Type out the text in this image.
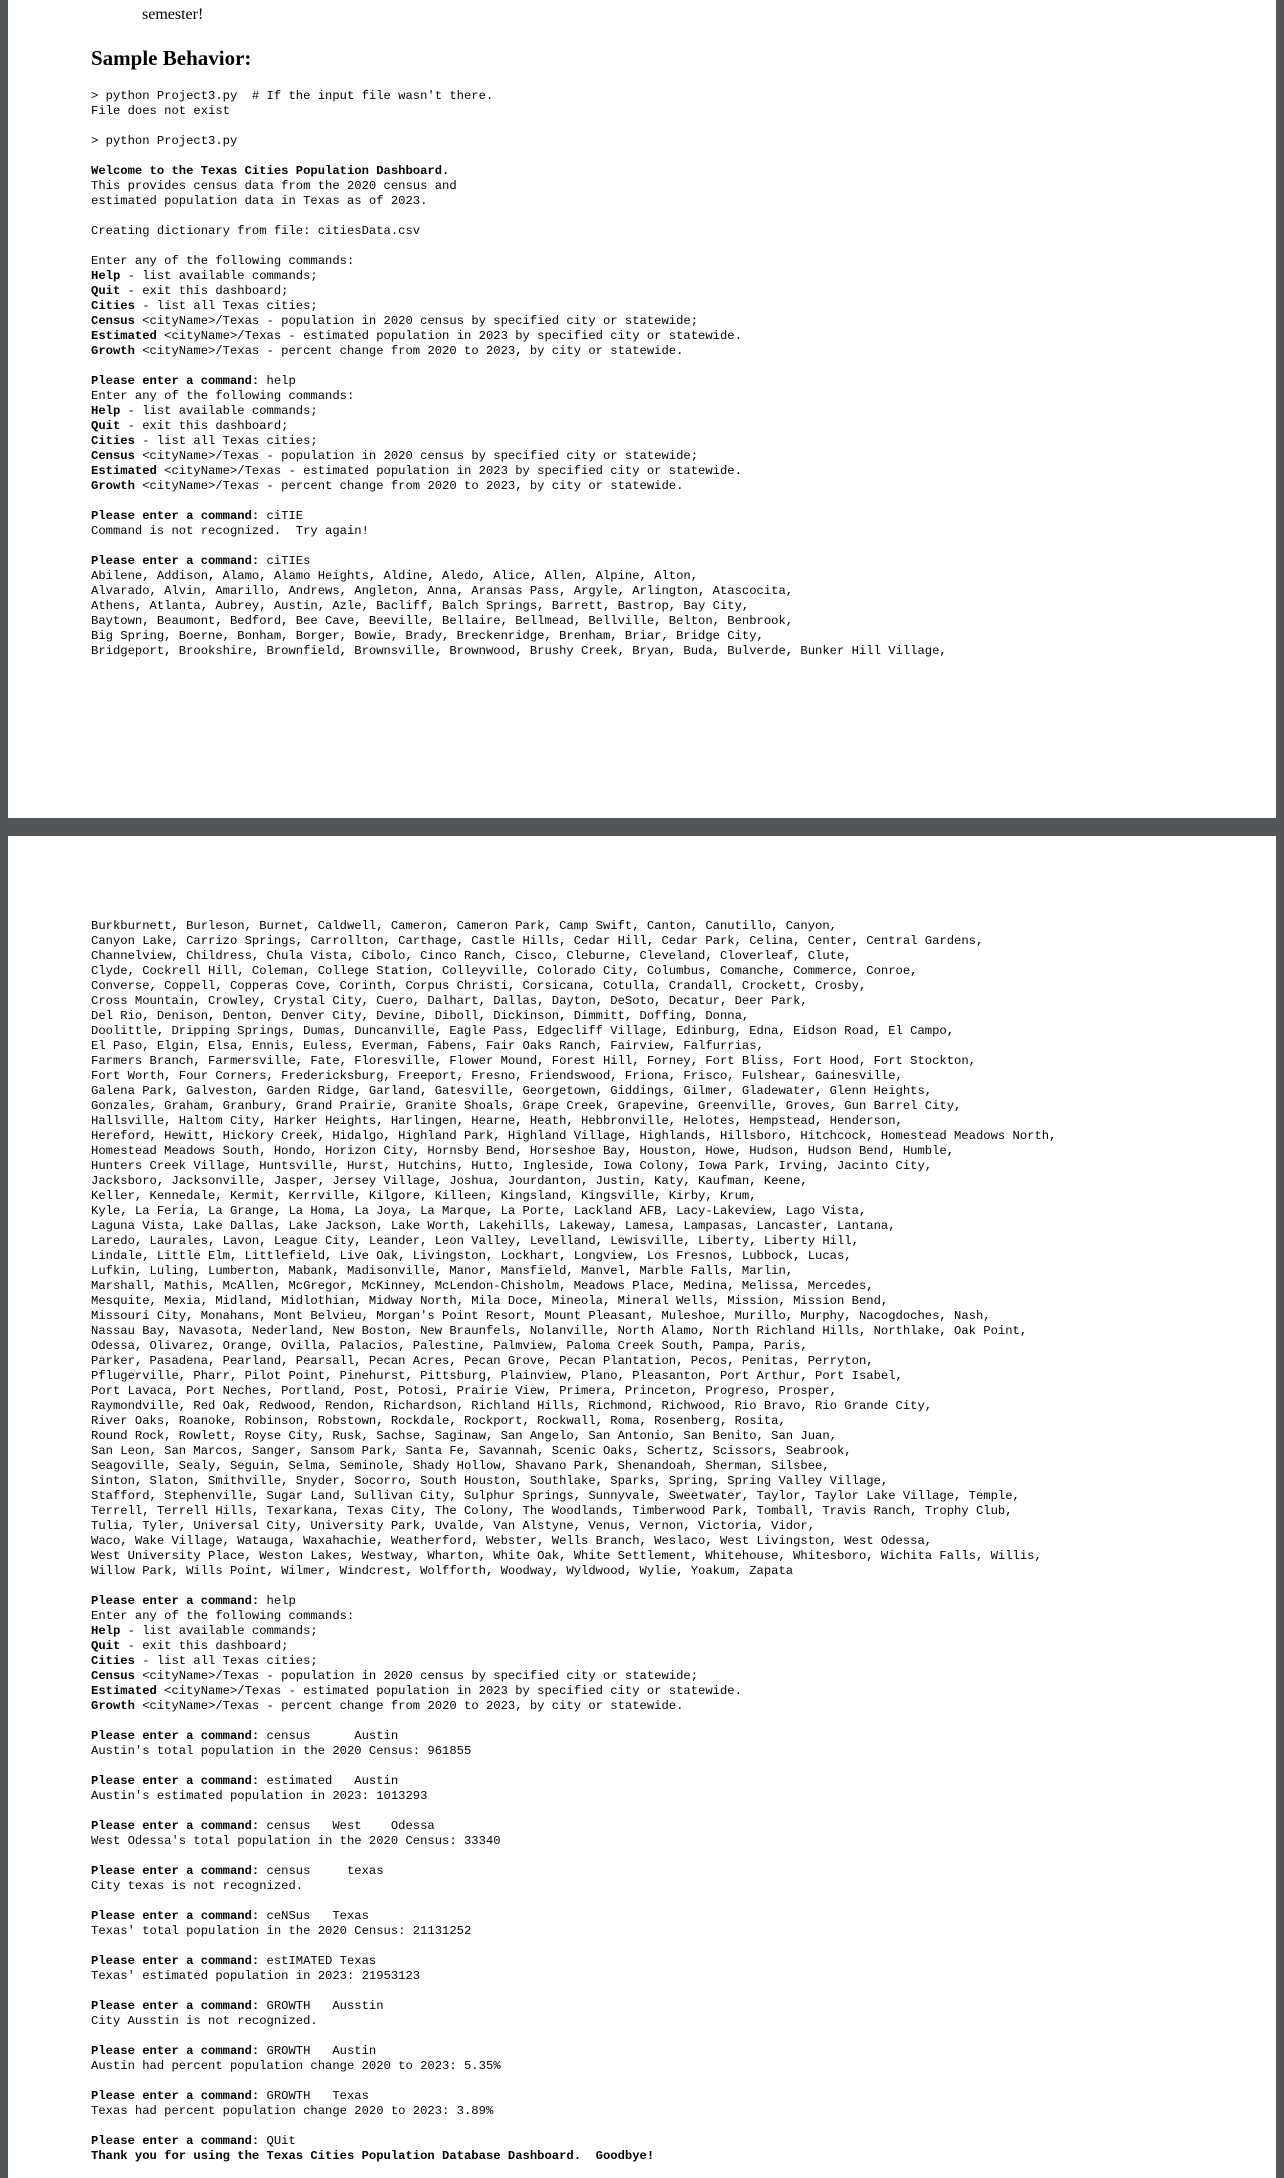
semester!

Sample Behavior:
> python Project3.py  # If the input file wasn't there.
File does not exist
> python Project3.py
Welcome to the Texas Cities Population Dashboard.
This provides census data from the 2020 census and
estimated population data in Texas as of 2023.
Creating dictionary from file: citiesData.csv
Enter any of the following commands:
Help - list available commands;
Quit - exit this dashboard;
Cities - list all Texas cities;
Census <cityName>/Texas - population in 2020 census by specified city or statewide;
Estimated <cityName>/Texas - estimated population in 2023 by specified city or statewide.
Growth <cityName>/Texas - percent change from 2020 to 2023, by city or statewide.
Please enter a command: help
Enter any of the following commands:
Help - list available commands;
Quit - exit this dashboard;
Cities - list all Texas cities;
Census <cityName>/Texas - population in 2020 census by specified city or statewide;
Estimated <cityName>/Texas - estimated population in 2023 by specified city or statewide.
Growth <cityName>/Texas - percent change from 2020 to 2023, by city or statewide.
Please enter a command: ciTIE
Command is not recognized.  Try again!
Please enter a command: ciTIEs
Abilene, Addison, Alamo, Alamo Heights, Aldine, Aledo, Alice, Allen, Alpine, Alton,
Alvarado, Alvin, Amarillo, Andrews, Angleton, Anna, Aransas Pass, Argyle, Arlington, Atascocita,
Athens, Atlanta, Aubrey, Austin, Azle, Bacliff, Balch Springs, Barrett, Bastrop, Bay City,
Baytown, Beaumont, Bedford, Bee Cave, Beeville, Bellaire, Bellmead, Bellville, Belton, Benbrook,
Big Spring, Boerne, Bonham, Borger, Bowie, Brady, Breckenridge, Brenham, Briar, Bridge City,
Bridgeport, Brookshire, Brownfield, Brownsville, Brownwood, Brushy Creek, Bryan, Buda, Bulverde, Bunker Hill Village,
Burkburnett, Burleson, Burnet, Caldwell, Cameron, Cameron Park, Camp Swift, Canton, Canutillo, Canyon,
Canyon Lake, Carrizo Springs, Carrollton, Carthage, Castle Hills, Cedar Hill, Cedar Park, Celina, Center, Central Gardens,
Channelview, Childress, Chula Vista, Cibolo, Cinco Ranch, Cisco, Cleburne, Cleveland, Cloverleaf, Clute,
Clyde, Cockrell Hill, Coleman, College Station, Colleyville, Colorado City, Columbus, Comanche, Commerce, Conroe,
Converse, Coppell, Copperas Cove, Corinth, Corpus Christi, Corsicana, Cotulla, Crandall, Crockett, Crosby,
Cross Mountain, Crowley, Crystal City, Cuero, Dalhart, Dallas, Dayton, DeSoto, Decatur, Deer Park,
Del Rio, Denison, Denton, Denver City, Devine, Diboll, Dickinson, Dimmitt, Doffing, Donna,
Doolittle, Dripping Springs, Dumas, Duncanville, Eagle Pass, Edgecliff Village, Edinburg, Edna, Eidson Road, El Campo,
El Paso, Elgin, Elsa, Ennis, Euless, Everman, Fabens, Fair Oaks Ranch, Fairview, Falfurrias,
Farmers Branch, Farmersville, Fate, Floresville, Flower Mound, Forest Hill, Forney, Fort Bliss, Fort Hood, Fort Stockton,
Fort Worth, Four Corners, Fredericksburg, Freeport, Fresno, Friendswood, Friona, Frisco, Fulshear, Gainesville,
Galena Park, Galveston, Garden Ridge, Garland, Gatesville, Georgetown, Giddings, Gilmer, Gladewater, Glenn Heights,
Gonzales, Graham, Granbury, Grand Prairie, Granite Shoals, Grape Creek, Grapevine, Greenville, Groves, Gun Barrel City,
Hallsville, Haltom City, Harker Heights, Harlingen, Hearne, Heath, Hebbronville, Helotes, Hempstead, Henderson,
Hereford, Hewitt, Hickory Creek, Hidalgo, Highland Park, Highland Village, Highlands, Hillsboro, Hitchcock, Homestead Meadows North,
Homestead Meadows South, Hondo, Horizon City, Hornsby Bend, Horseshoe Bay, Houston, Howe, Hudson, Hudson Bend, Humble,
Hunters Creek Village, Huntsville, Hurst, Hutchins, Hutto, Ingleside, Iowa Colony, Iowa Park, Irving, Jacinto City,
Jacksboro, Jacksonville, Jasper, Jersey Village, Joshua, Jourdanton, Justin, Katy, Kaufman, Keene,
Keller, Kennedale, Kermit, Kerrville, Kilgore, Killeen, Kingsland, Kingsville, Kirby, Krum,
Kyle, La Feria, La Grange, La Homa, La Joya, La Marque, La Porte, Lackland AFB, Lacy-Lakeview, Lago Vista,
Laguna Vista, Lake Dallas, Lake Jackson, Lake Worth, Lakehills, Lakeway, Lamesa, Lampasas, Lancaster, Lantana,
Laredo, Laurales, Lavon, League City, Leander, Leon Valley, Levelland, Lewisville, Liberty, Liberty Hill,
Lindale, Little Elm, Littlefield, Live Oak, Livingston, Lockhart, Longview, Los Fresnos, Lubbock, Lucas,
Lufkin, Luling, Lumberton, Mabank, Madisonville, Manor, Mansfield, Manvel, Marble Falls, Marlin,
Marshall, Mathis, McAllen, McGregor, McKinney, McLendon-Chisholm, Meadows Place, Medina, Melissa, Mercedes,
Mesquite, Mexia, Midland, Midlothian, Midway North, Mila Doce, Mineola, Mineral Wells, Mission, Mission Bend,
Missouri City, Monahans, Mont Belvieu, Morgan's Point Resort, Mount Pleasant, Muleshoe, Murillo, Murphy, Nacogdoches, Nash,
Nassau Bay, Navasota, Nederland, New Boston, New Braunfels, Nolanville, North Alamo, North Richland Hills, Northlake, Oak Point,
Odessa, Olivarez, Orange, Ovilla, Palacios, Palestine, Palmview, Paloma Creek South, Pampa, Paris,
Parker, Pasadena, Pearland, Pearsall, Pecan Acres, Pecan Grove, Pecan Plantation, Pecos, Penitas, Perryton,
Pflugerville, Pharr, Pilot Point, Pinehurst, Pittsburg, Plainview, Plano, Pleasanton, Port Arthur, Port Isabel,
Port Lavaca, Port Neches, Portland, Post, Potosi, Prairie View, Primera, Princeton, Progreso, Prosper,
Raymondville, Red Oak, Redwood, Rendon, Richardson, Richland Hills, Richmond, Richwood, Rio Bravo, Rio Grande City,
River Oaks, Roanoke, Robinson, Robstown, Rockdale, Rockport, Rockwall, Roma, Rosenberg, Rosita,
Round Rock, Rowlett, Royse City, Rusk, Sachse, Saginaw, San Angelo, San Antonio, San Benito, San Juan,
San Leon, San Marcos, Sanger, Sansom Park, Santa Fe, Savannah, Scenic Oaks, Schertz, Scissors, Seabrook,
Seagoville, Sealy, Seguin, Selma, Seminole, Shady Hollow, Shavano Park, Shenandoah, Sherman, Silsbee,
Sinton, Slaton, Smithville, Snyder, Socorro, South Houston, Southlake, Sparks, Spring, Spring Valley Village,
Stafford, Stephenville, Sugar Land, Sullivan City, Sulphur Springs, Sunnyvale, Sweetwater, Taylor, Taylor Lake Village, Temple,
Terrell, Terrell Hills, Texarkana, Texas City, The Colony, The Woodlands, Timberwood Park, Tomball, Travis Ranch, Trophy Club,
Tulia, Tyler, Universal City, University Park, Uvalde, Van Alstyne, Venus, Vernon, Victoria, Vidor,
Waco, Wake Village, Watauga, Waxahachie, Weatherford, Webster, Wells Branch, Weslaco, West Livingston, West Odessa,
West University Place, Weston Lakes, Westway, Wharton, White Oak, White Settlement, Whitehouse, Whitesboro, Wichita Falls, Willis,
Willow Park, Wills Point, Wilmer, Windcrest, Wolfforth, Woodway, Wyldwood, Wylie, Yoakum, Zapata
Please enter a command: help
Enter any of the following commands:
Help - list available commands;
Quit - exit this dashboard;
Cities - list all Texas cities;
Census <cityName>/Texas - population in 2020 census by specified city or statewide;
Estimated <cityName>/Texas - estimated population in 2023 by specified city or statewide.
Growth <cityName>/Texas - percent change from 2020 to 2023, by city or statewide.
Please enter a command: census      Austin
Austin's total population in the 2020 Census: 961855
Please enter a command: estimated   Austin
Austin's estimated population in 2023: 1013293
Please enter a command: census   West    Odessa
West Odessa's total population in the 2020 Census: 33340
Please enter a command: census     texas
City texas is not recognized.
Please enter a command: ceNSus   Texas
Texas' total population in the 2020 Census: 21131252
Please enter a command: estIMATED Texas
Texas' estimated population in 2023: 21953123
Please enter a command: GROWTH   Ausstin
City Ausstin is not recognized.
Please enter a command: GROWTH   Austin
Austin had percent population change 2020 to 2023: 5.35%
Please enter a command: GROWTH   Texas
Texas had percent population change 2020 to 2023: 3.89%
Please enter a command: QUit
Thank you for using the Texas Cities Population Database Dashboard.  Goodbye!
